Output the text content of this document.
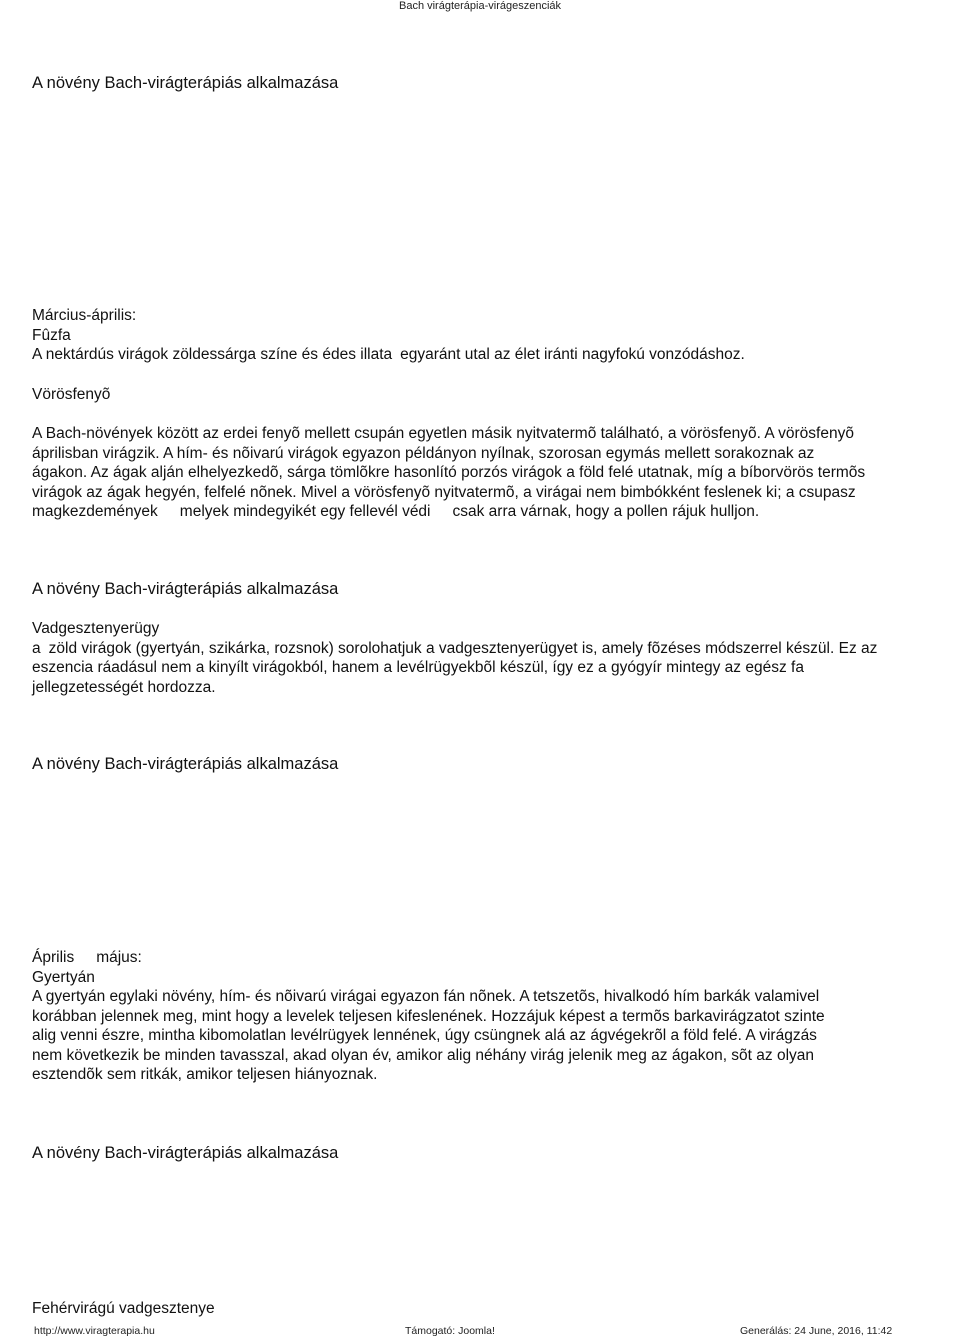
Bach virágterápia-virágeszenciák

A növény Bach-virágterápiás alkalmazása

Március-április:

Fûzfa

A nektárdús virágok zöldessárga színe és édes illata egyaránt utal az élet iránti nagyfokú vonzódáshoz.

Vörösfenyõ

A Bach-növények között az erdei fenyõ mellett csupán egyetlen másik nyitvatermõ található, a vörösfenyõ. A vörösfenyõ

áprilisban virágzik. A hím- és nõivarú virágok egyazon példányon nyílnak, szorosan egymás mellett sorakoznak az

ágakon. Az ágak alján elhelyezkedõ, sárga tömlõkre hasonlító porzós virágok a föld felé utatnak, míg a bíborvörös termõs

virágok az ágak hegyén, felfelé nõnek. Mivel a vörösfenyõ nyitvatermõ, a virágai nem bimbókként feslenek ki; a csupasz

magkezdemények melyek mindegyikét egy fellevél védi csak arra várnak, hogy a pollen rájuk hulljon.

A növény Bach-virágterápiás alkalmazása

Vadgesztenyerügy

a zöld virágok (gyertyán, szikárka, rozsnok) sorolohatjuk a vadgesztenyerügyet is, amely fõzéses módszerrel készül. Ez az

eszencia ráadásul nem a kinyílt virágokból, hanem a levélrügyekbõl készül, így ez a gyógyír mintegy az egész fa

jellegzetességét hordozza.

A növény Bach-virágterápiás alkalmazása

Április május:

Gyertyán

A gyertyán egylaki növény, hím- és nõivarú virágai egyazon fán nõnek. A tetszetõs, hivalkodó hím barkák valamivel

korábban jelennek meg, mint hogy a levelek teljesen kifeslenének. Hozzájuk képest a termõs barkavirágzatot szinte

alig venni észre, mintha kibomolatlan levélrügyek lennének, úgy csüngnek alá az ágvégekrõl a föld felé. A virágzás

nem következik be minden tavasszal, akad olyan év, amikor alig néhány virág jelenik meg az ágakon, sõt az olyan

esztendõk sem ritkák, amikor teljesen hiányoznak.

A növény Bach-virágterápiás alkalmazása

Fehérvirágú vadgesztenye

http://www.viragterapia.hu	Támogató: Joomla!	Generálás: 24 June, 2016, 11:42
